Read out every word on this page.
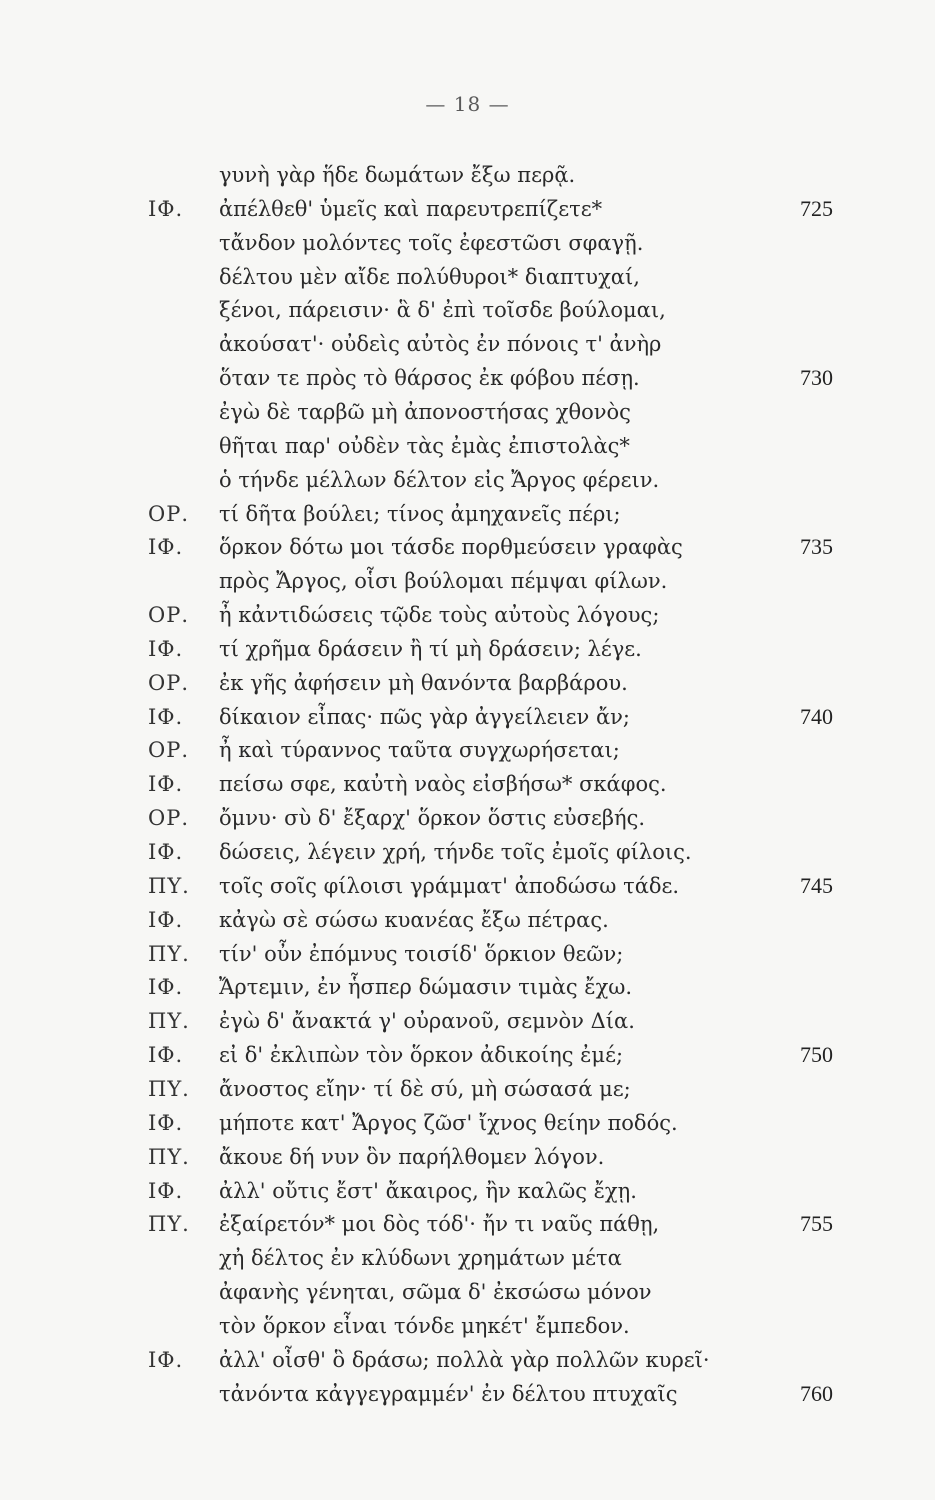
— 18 —
γυνὴ γὰρ ἥδε δωμάτων ἔξω περᾷ.
ΙΦ.	ἀπέλθεθ' ὑμεῖς καὶ παρευτρεπίζετε*	725
τἄνδον μολόντες τοῖς ἐφεστῶσι σφαγῇ.
δέλτου μὲν αἴδε πολύθυροι* διαπτυχαί,
ξένοι, πάρεισιν· ἃ δ' ἐπὶ τοῖσδε βούλομαι,
ἀκούσατ'· οὐδεὶς αὐτὸς ἐν πόνοις τ' ἀνὴρ
ὅταν τε πρὸς τὸ θάρσος ἐκ φόβου πέσῃ.	730
ἐγὼ δὲ ταρβῶ μὴ ἀπονοστήσας χθονὸς
θῆται παρ' οὐδὲν τὰς ἐμὰς ἐπιστολὰς*
ὁ τήνδε μέλλων δέλτον εἰς Ἄργος φέρειν.
ΟΡ.	τί δῆτα βούλει; τίνος ἀμηχανεῖς πέρι;
ΙΦ.	ὅρκον δότω μοι τάσδε πορθμεύσειν γραφὰς	735
πρὸς Ἄργος, οἷσι βούλομαι πέμψαι φίλων.
ΟΡ.	ἦ κἀντιδώσεις τῷδε τοὺς αὐτοὺς λόγους;
ΙΦ.	τί χρῆμα δράσειν ἢ τί μὴ δράσειν; λέγε.
ΟΡ.	ἐκ γῆς ἀφήσειν μὴ θανόντα βαρβάρου.
ΙΦ.	δίκαιον εἶπας· πῶς γὰρ ἀγγείλειεν ἄν;	740
ΟΡ.	ἦ καὶ τύραννος ταῦτα συγχωρήσεται;
ΙΦ.	πείσω σφε, καὐτὴ ναὸς εἰσβήσω* σκάφος.
ΟΡ.	ὄμνυ· σὺ δ' ἔξαρχ' ὅρκον ὅστις εὐσεβής.
ΙΦ.	δώσεις, λέγειν χρή, τήνδε τοῖς ἐμοῖς φίλοις.
ΠΥ.	τοῖς σοῖς φίλοισι γράμματ' ἀποδώσω τάδε.	745
ΙΦ.	κἀγὼ σὲ σώσω κυανέας ἔξω πέτρας.
ΠΥ.	τίν' οὖν ἐπόμνυς τοισίδ' ὅρκιον θεῶν;
ΙΦ.	Ἄρτεμιν, ἐν ἧσπερ δώμασιν τιμὰς ἔχω.
ΠΥ.	ἐγὼ δ' ἄνακτά γ' οὐρανοῦ, σεμνὸν Δία.
ΙΦ.	εἰ δ' ἐκλιπὼν τὸν ὅρκον ἀδικοίης ἐμέ;	750
ΠΥ.	ἄνοστος εἴην· τί δὲ σύ, μὴ σώσασά με;
ΙΦ.	μήποτε κατ' Ἄργος ζῶσ' ἴχνος θείην ποδός.
ΠΥ.	ἄκουε δή νυν ὃν παρήλθομεν λόγον.
ΙΦ.	ἀλλ' οὔτις ἔστ' ἄκαιρος, ἢν καλῶς ἔχῃ.
ΠΥ.	ἐξαίρετόν* μοι δὸς τόδ'· ἤν τι ναῦς πάθῃ,	755
χἠ δέλτος ἐν κλύδωνι χρημάτων μέτα
ἀφανὴς γένηται, σῶμα δ' ἐκσώσω μόνον
τὸν ὅρκον εἶναι τόνδε μηκέτ' ἔμπεδον.
ΙΦ.	ἀλλ' οἶσθ' ὃ δράσω; πολλὰ γὰρ πολλῶν κυρεῖ·
τἀνόντα κἀγγεγραμμέν' ἐν δέλτου πτυχαῖς	760
